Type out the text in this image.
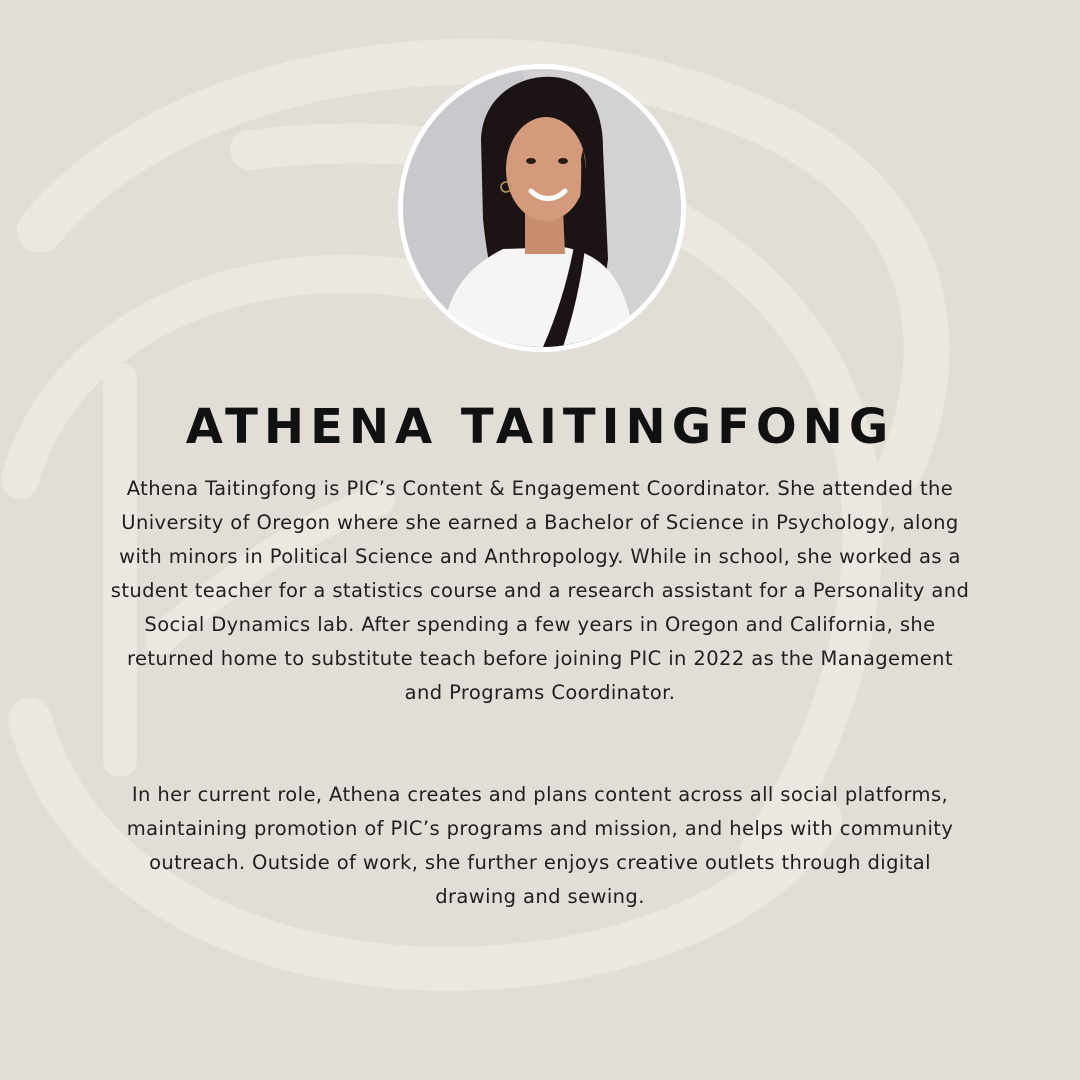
ATHENA TAITINGFONG

Athena Taitingfong is PIC’s Content & Engagement Coordinator. She attended the University of Oregon where she earned a Bachelor of Science in Psychology, along with minors in Political Science and Anthropology. While in school, she worked as a student teacher for a statistics course and a research assistant for a Personality and Social Dynamics lab. After spending a few years in Oregon and California, she returned home to substitute teach before joining PIC in 2022 as the Management and Programs Coordinator.

In her current role, Athena creates and plans content across all social platforms, maintaining promotion of PIC’s programs and mission, and helps with community outreach. Outside of work, she further enjoys creative outlets through digital drawing and sewing.
